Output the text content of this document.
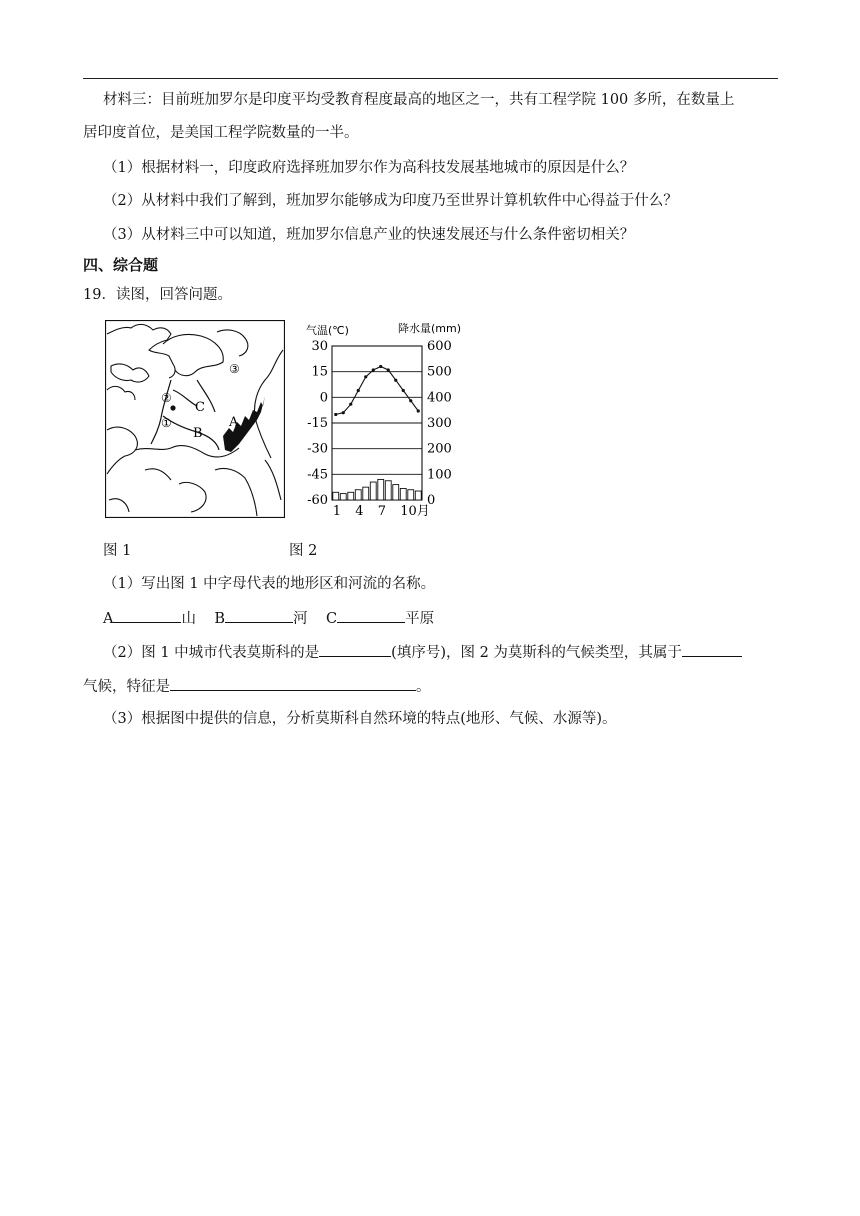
材料三：目前班加罗尔是印度平均受教育程度最高的地区之一，共有工程学院 100 多所，在数量上
居印度首位，是美国工程学院数量的一半。
（1）根据材料一，印度政府选择班加罗尔作为高科技发展基地城市的原因是什么？
（2）从材料中我们了解到，班加罗尔能够成为印度乃至世界计算机软件中心得益于什么？
（3）从材料三中可以知道，班加罗尔信息产业的快速发展还与什么条件密切相关？
四、综合题
19．读图，回答问题。
②
①
③
A
B
C
气温(℃)	降水量(mm)
30
15
0
-15
-30
-45
-60
600
500
400
300
200
100
0
1 4 7 10月
图 1	图 2
（1）写出图 1 中字母代表的地形区和河流的名称。
A	山 B	河 C	平原
（2）图 1 中城市代表莫斯科的是	(填序号)，图 2 为莫斯科的气候类型，其属于
气候，特征是	。
（3）根据图中提供的信息，分析莫斯科自然环境的特点(地形、气候、水源等)。
